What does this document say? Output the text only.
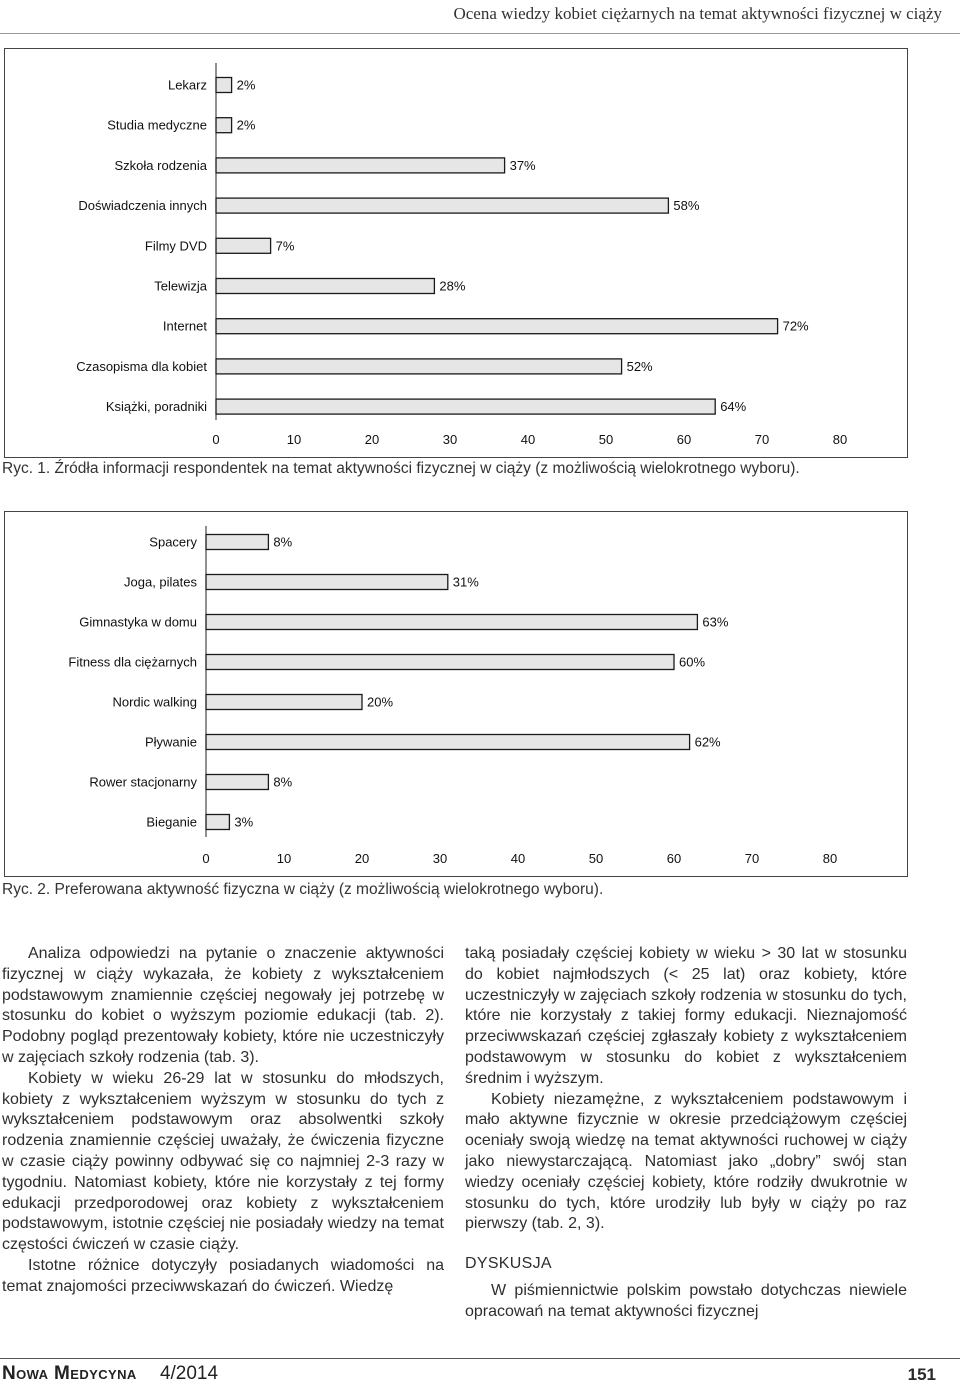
Ocena wiedzy kobiet ciężarnych na temat aktywności fizycznej w ciąży
Lekarz 2%
Studia medyczne 2%
Szkoła rodzenia	37%
Doświadczenia innych	58%
Filmy DVD	7%
Telewizja	28%
Internet	72%
Czasopisma dla kobiet	52%
Książki, poradniki	64%
0	10	20	30	40	50	60	70	80
Ryc. 1. Źródła informacji respondentek na temat aktywności fizycznej w ciąży (z możliwością wielokrotnego wyboru).
Spacery	8%
Joga, pilates	31%
Gimnastyka w domu	63%
Fitness dla ciężarnych	60%
Nordic walking	20%
Pływanie	62%
Rower stacjonarny	8%
Bieganie	3%
0	10	20	30	40	50	60	70	80
Ryc. 2. Preferowana aktywność fizyczna w ciąży (z możliwością wielokrotnego wyboru).

Analiza odpowiedzi na pytanie o znaczenie aktywności fizycznej w ciąży wykazała, że kobiety z wykształceniem podstawowym znamiennie częściej negowały jej potrzebę w stosunku do kobiet o wyższym poziomie edukacji (tab. 2). Podobny pogląd prezentowały kobiety, które nie uczestniczyły w zajęciach szkoły rodzenia (tab. 3).

Kobiety w wieku 26-29 lat w stosunku do młodszych, kobiety z wykształceniem wyższym w stosunku do tych z wykształceniem podstawowym oraz absolwentki szkoły rodzenia znamiennie częściej uważały, że ćwiczenia fizyczne w czasie ciąży powinny odbywać się co najmniej 2-3 razy w tygodniu. Natomiast kobiety, które nie korzystały z tej formy edukacji przedporodowej oraz kobiety z wykształceniem podstawowym, istotnie częściej nie posiadały wiedzy na temat częstości ćwiczeń w czasie ciąży.

Istotne różnice dotyczyły posiadanych wiadomości na temat znajomości przeciwwskazań do ćwiczeń. Wiedzę

taką posiadały częściej kobiety w wieku > 30 lat w stosunku do kobiet najmłodszych (< 25 lat) oraz kobiety, które uczestniczyły w zajęciach szkoły rodzenia w stosunku do tych, które nie korzystały z takiej formy edukacji. Nieznajomość przeciwwskazań częściej zgłaszały kobiety z wykształceniem podstawowym w stosunku do kobiet z wykształceniem średnim i wyższym.

Kobiety niezamężne, z wykształceniem podstawowym i mało aktywne fizycznie w okresie przedciążowym częściej oceniały swoją wiedzę na temat aktywności ruchowej w ciąży jako niewystarczającą. Natomiast jako „dobry” swój stan wiedzy oceniały częściej kobiety, które rodziły dwukrotnie w stosunku do tych, które urodziły lub były w ciąży po raz pierwszy (tab. 2, 3).

DYSKUSJA

W piśmiennictwie polskim powstało dotychczas niewiele opracowań na temat aktywności fizycznej

Nowa Medycyna 4/2014	151
